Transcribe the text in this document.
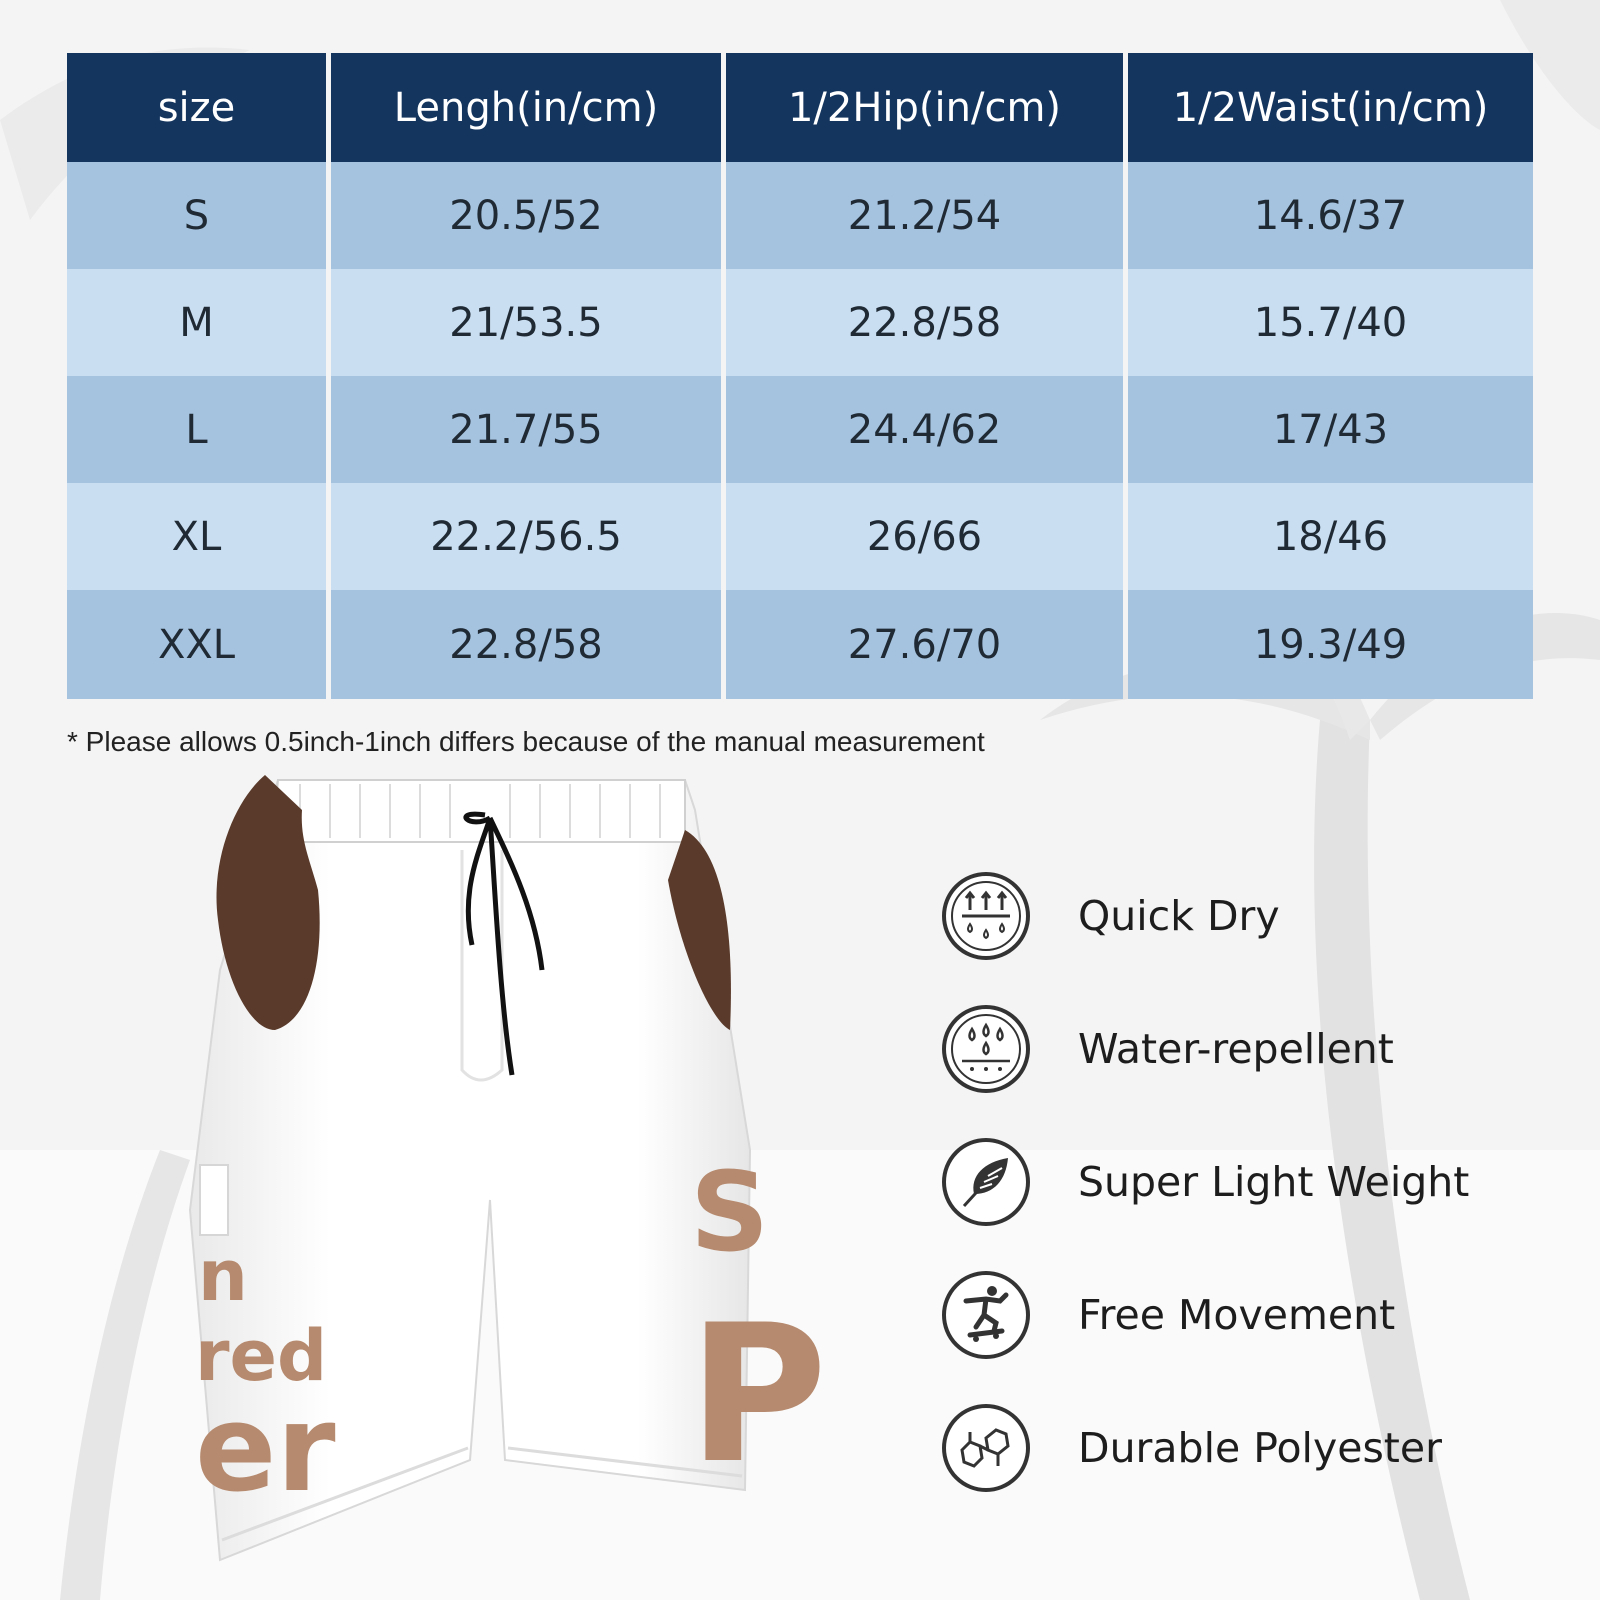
size	Lengh(in/cm)	1/2Hip(in/cm)	1/2Waist(in/cm)
S	20.5/52	21.2/54	14.6/37
M	21/53.5	22.8/58	15.7/40
L	21.7/55	24.4/62	17/43
XL	22.2/56.5	26/66	18/46
XXL	22.8/58	27.6/70	19.3/49
* Please allows 0.5inch-1inch differs because of the manual measurement
n
red
er
S
P
Quick Dry
Water-repellent
Super Light Weight
Free Movement
Durable Polyester
